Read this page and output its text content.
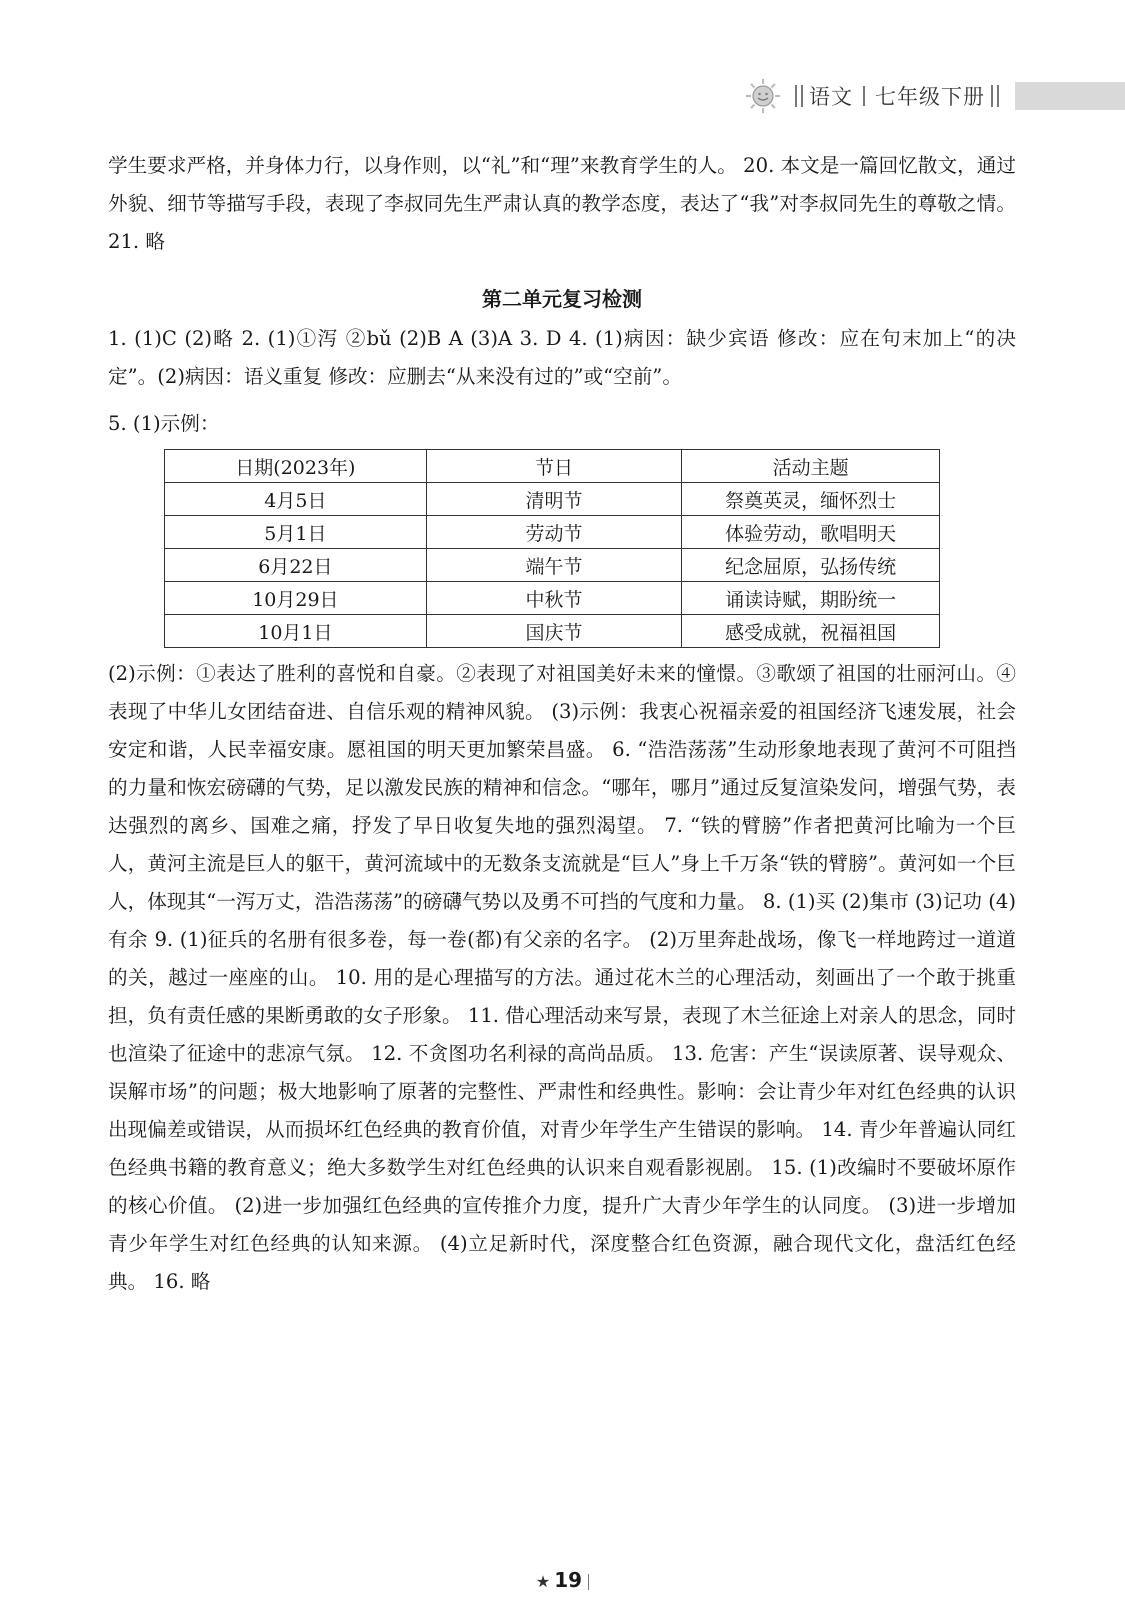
语文 七年级下册
学生要求严格，并身体力行，以身作则，以“礼”和“理”来教育学生的人。 20. 本文是一篇回忆散文，通过外貌、细节等描写手段，表现了李叔同先生严肃认真的教学态度，表达了“我”对李叔同先生的尊敬之情。 21. 略
第二单元复习检测
1. (1)C (2)略 2. (1)①泻 ②bǔ (2)B A (3)A 3. D 4. (1)病因：缺少宾语 修改：应在句末加上“的决定”。(2)病因：语义重复 修改：应删去“从来没有过的”或“空前”。
5. (1)示例：
日期(2023年)	节日	活动主题
4月5日	清明节	祭奠英灵，缅怀烈士
5月1日	劳动节	体验劳动，歌唱明天
6月22日	端午节	纪念屈原，弘扬传统
10月29日	中秋节	诵读诗赋，期盼统一
10月1日	国庆节	感受成就，祝福祖国
(2)示例：①表达了胜利的喜悦和自豪。②表现了对祖国美好未来的憧憬。③歌颂了祖国的壮丽河山。④表现了中华儿女团结奋进、自信乐观的精神风貌。 (3)示例：我衷心祝福亲爱的祖国经济飞速发展，社会安定和谐，人民幸福安康。愿祖国的明天更加繁荣昌盛。 6. “浩浩荡荡”生动形象地表现了黄河不可阻挡的力量和恢宏磅礴的气势，足以激发民族的精神和信念。“哪年，哪月”通过反复渲染发问，增强气势，表达强烈的离乡、国难之痛，抒发了早日收复失地的强烈渴望。 7. “铁的臂膀”作者把黄河比喻为一个巨人，黄河主流是巨人的躯干，黄河流域中的无数条支流就是“巨人”身上千万条“铁的臂膀”。黄河如一个巨人，体现其“一泻万丈，浩浩荡荡”的磅礴气势以及勇不可挡的气度和力量。 8. (1)买 (2)集市 (3)记功 (4)有余 9. (1)征兵的名册有很多卷，每一卷(都)有父亲的名字。 (2)万里奔赴战场，像飞一样地跨过一道道的关，越过一座座的山。 10. 用的是心理描写的方法。通过花木兰的心理活动，刻画出了一个敢于挑重担，负有责任感的果断勇敢的女子形象。 11. 借心理活动来写景，表现了木兰征途上对亲人的思念，同时也渲染了征途中的悲凉气氛。 12. 不贪图功名利禄的高尚品质。 13. 危害：产生“误读原著、误导观众、误解市场”的问题；极大地影响了原著的完整性、严肃性和经典性。影响：会让青少年对红色经典的认识出现偏差或错误，从而损坏红色经典的教育价值，对青少年学生产生错误的影响。 14. 青少年普遍认同红色经典书籍的教育意义；绝大多数学生对红色经典的认识来自观看影视剧。 15. (1)改编时不要破坏原作的核心价值。 (2)进一步加强红色经典的宣传推介力度，提升广大青少年学生的认同度。 (3)进一步增加青少年学生对红色经典的认知来源。 (4)立足新时代，深度整合红色资源，融合现代文化，盘活红色经典。 16. 略
★ 19
